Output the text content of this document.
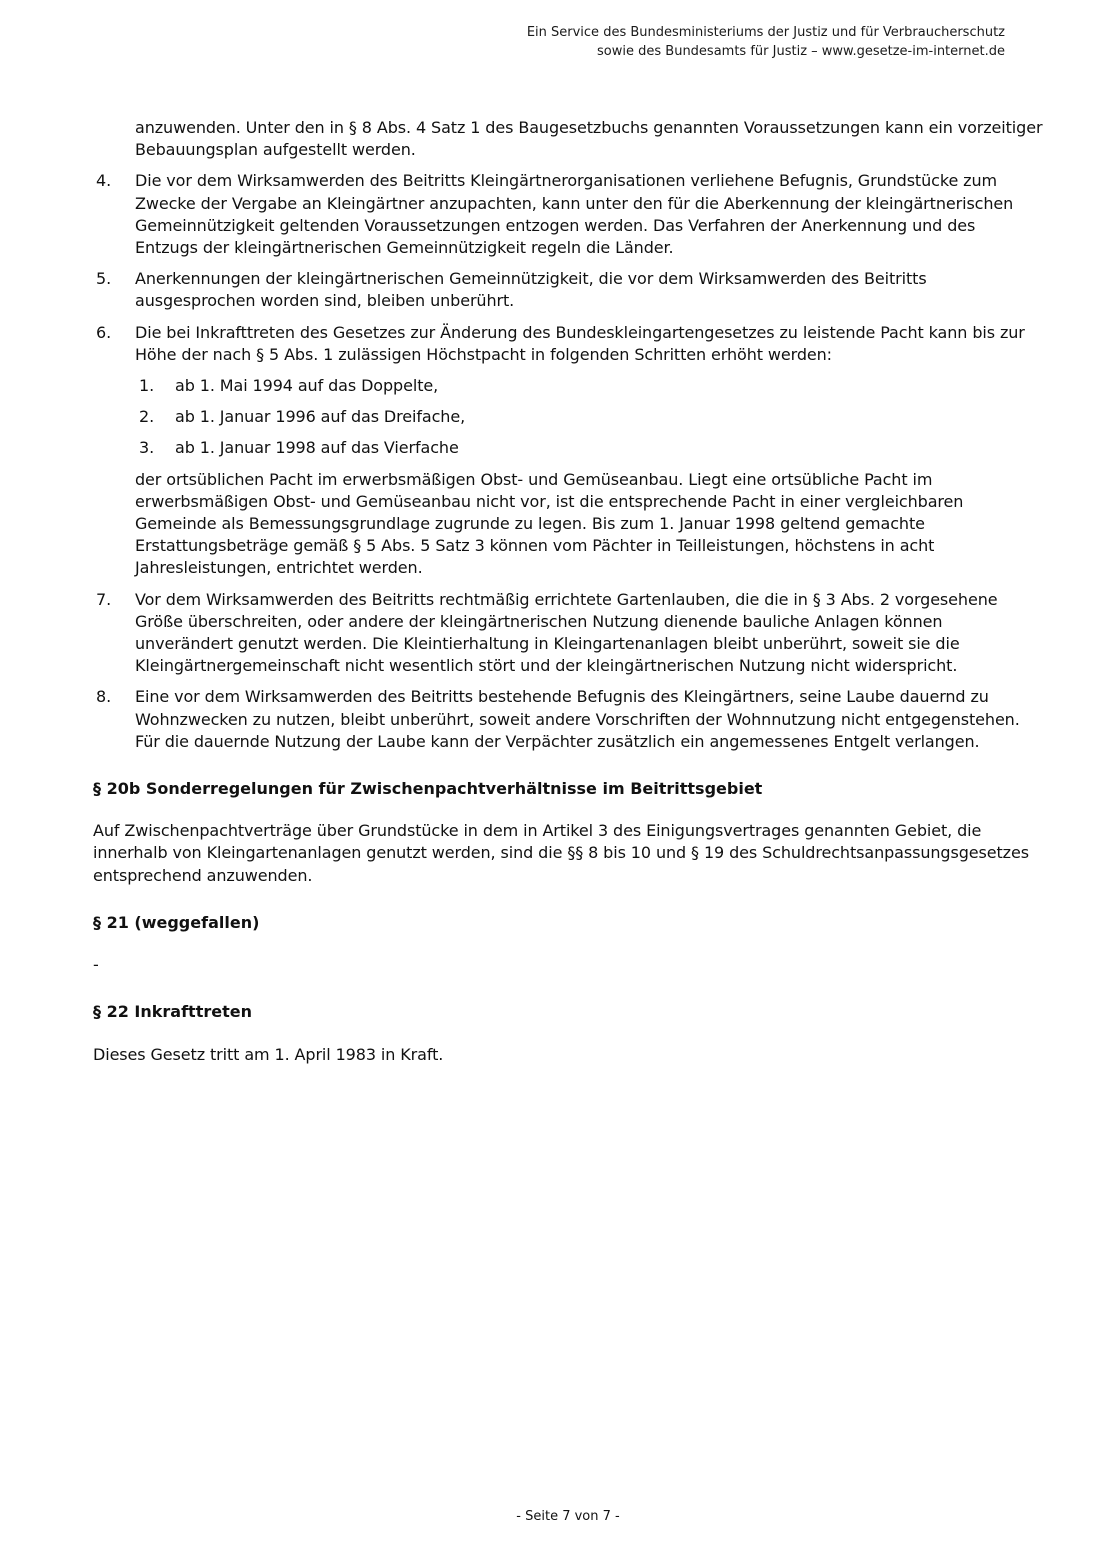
Ein Service des Bundesministeriums der Justiz und für Verbraucherschutz
sowie des Bundesamts für Justiz – www.gesetze-im-internet.de

anzuwenden. Unter den in § 8 Abs. 4 Satz 1 des Baugesetzbuchs genannten Voraussetzungen kann ein vorzeitiger Bebauungsplan aufgestellt werden.

4.	Die vor dem Wirksamwerden des Beitritts Kleingärtnerorganisationen verliehene Befugnis, Grundstücke zum Zwecke der Vergabe an Kleingärtner anzupachten, kann unter den für die Aberkennung der kleingärtnerischen Gemeinnützigkeit geltenden Voraussetzungen entzogen werden. Das Verfahren der Anerkennung und des Entzugs der kleingärtnerischen Gemeinnützigkeit regeln die Länder.
5.	Anerkennungen der kleingärtnerischen Gemeinnützigkeit, die vor dem Wirksamwerden des Beitritts ausgesprochen worden sind, bleiben unberührt.
6.	Die bei Inkrafttreten des Gesetzes zur Änderung des Bundeskleingartengesetzes zu leistende Pacht kann bis zur Höhe der nach § 5 Abs. 1 zulässigen Höchstpacht in folgenden Schritten erhöht werden:
1.	ab 1. Mai 1994 auf das Doppelte,
2.	ab 1. Januar 1996 auf das Dreifache,
3.	ab 1. Januar 1998 auf das Vierfache
der ortsüblichen Pacht im erwerbsmäßigen Obst- und Gemüseanbau. Liegt eine ortsübliche Pacht im erwerbsmäßigen Obst- und Gemüseanbau nicht vor, ist die entsprechende Pacht in einer vergleichbaren Gemeinde als Bemessungsgrundlage zugrunde zu legen. Bis zum 1. Januar 1998 geltend gemachte Erstattungsbeträge gemäß § 5 Abs. 5 Satz 3 können vom Pächter in Teilleistungen, höchstens in acht Jahresleistungen, entrichtet werden.
7.	Vor dem Wirksamwerden des Beitritts rechtmäßig errichtete Gartenlauben, die die in § 3 Abs. 2 vorgesehene Größe überschreiten, oder andere der kleingärtnerischen Nutzung dienende bauliche Anlagen können unverändert genutzt werden. Die Kleintierhaltung in Kleingartenanlagen bleibt unberührt, soweit sie die Kleingärtnergemeinschaft nicht wesentlich stört und der kleingärtnerischen Nutzung nicht widerspricht.
8.	Eine vor dem Wirksamwerden des Beitritts bestehende Befugnis des Kleingärtners, seine Laube dauernd zu Wohnzwecken zu nutzen, bleibt unberührt, soweit andere Vorschriften der Wohnnutzung nicht entgegenstehen. Für die dauernde Nutzung der Laube kann der Verpächter zusätzlich ein angemessenes Entgelt verlangen.
§ 20b Sonderregelungen für Zwischenpachtverhältnisse im Beitrittsgebiet

Auf Zwischenpachtverträge über Grundstücke in dem in Artikel 3 des Einigungsvertrages genannten Gebiet, die innerhalb von Kleingartenanlagen genutzt werden, sind die §§ 8 bis 10 und § 19 des Schuldrechtsanpassungsgesetzes entsprechend anzuwenden.

§ 21 (weggefallen)

-

§ 22 Inkrafttreten

Dieses Gesetz tritt am 1. April 1983 in Kraft.

- Seite 7 von 7 -
